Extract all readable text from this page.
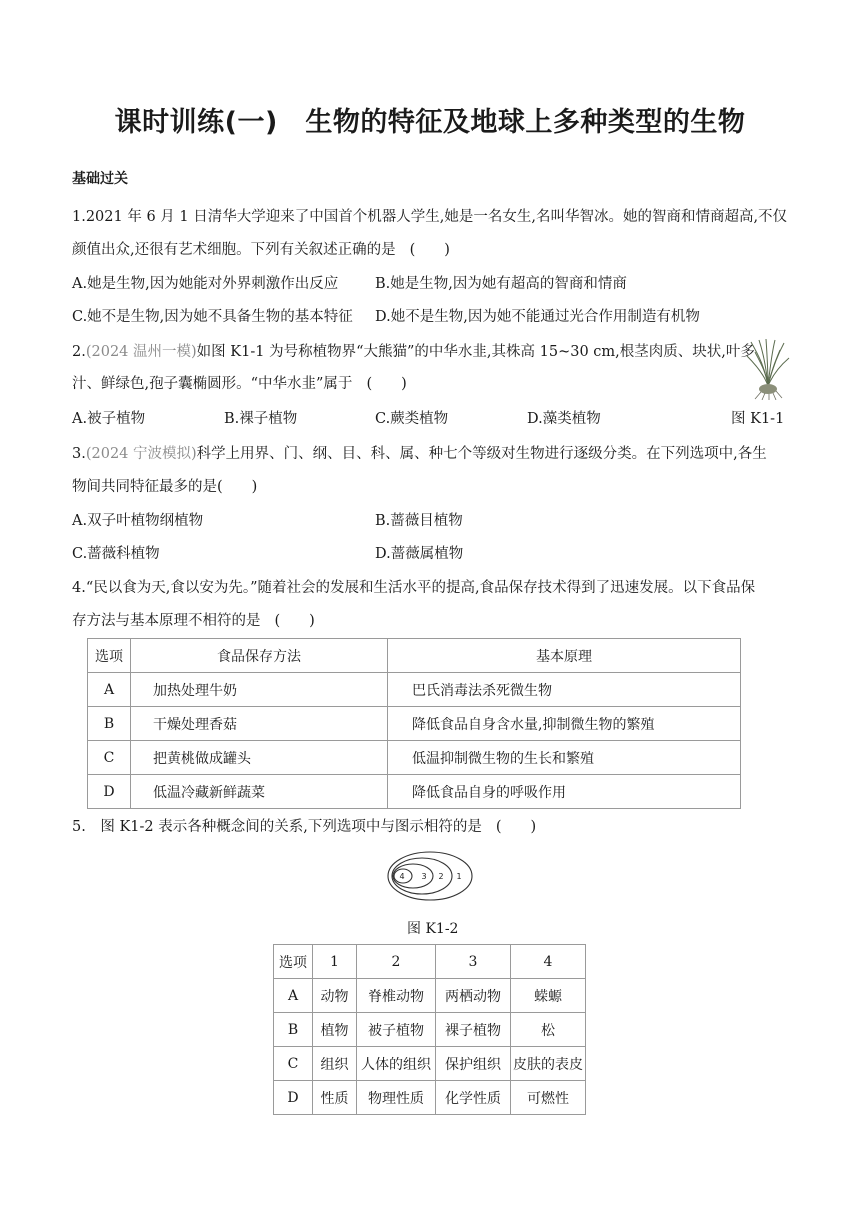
课时训练(一)　生物的特征及地球上多种类型的生物
基础过关
1.2021 年 6 月 1 日清华大学迎来了中国首个机器人学生,她是一名女生,名叫华智冰。她的智商和情商超高,不仅
颜值出众,还很有艺术细胞。下列有关叙述正确的是 (　　)
A.她是生物,因为她能对外界刺激作出反应	B.她是生物,因为她有超高的智商和情商
C.她不是生物,因为她不具备生物的基本特征 D.她不是生物,因为她不能通过光合作用制造有机物
2.(2024 温州一模)如图 K1-1 为号称植物界“大熊猫”的中华水韭,其株高 15~30 cm,根茎肉质、块状,叶多
汁、鲜绿色,孢子囊椭圆形。“中华水韭”属于 (　　)
A.被子植物	B.裸子植物	C.蕨类植物	D.藻类植物	图 K1-1
3.(2024 宁波模拟)科学上用界、门、纲、目、科、属、种七个等级对生物进行逐级分类。在下列选项中,各生
物间共同特征最多的是(　　)
A.双子叶植物纲植物	B.蔷薇目植物
C.蔷薇科植物	D.蔷薇属植物
4.“民以食为天,食以安为先。”随着社会的发展和生活水平的提高,食品保存技术得到了迅速发展。以下食品保
存方法与基本原理不相符的是 (　　)
选项	食品保存方法	基本原理
A	加热处理牛奶	巴氏消毒法杀死微生物
B	干燥处理香菇	降低食品自身含水量,抑制微生物的繁殖
C	把黄桃做成罐头	低温抑制微生物的生长和繁殖
D	低温冷藏新鲜蔬菜	降低食品自身的呼吸作用
5.　图 K1-2 表示各种概念间的关系,下列选项中与图示相符的是 (　　)
4 3 2 1
图 K1-2
选项	1	2	3	4
A	动物	脊椎动物	两栖动物	蝾螈
B	植物	被子植物	裸子植物	松
C	组织	人体的组织	保护组织	皮肤的表皮
D	性质	物理性质	化学性质	可燃性
